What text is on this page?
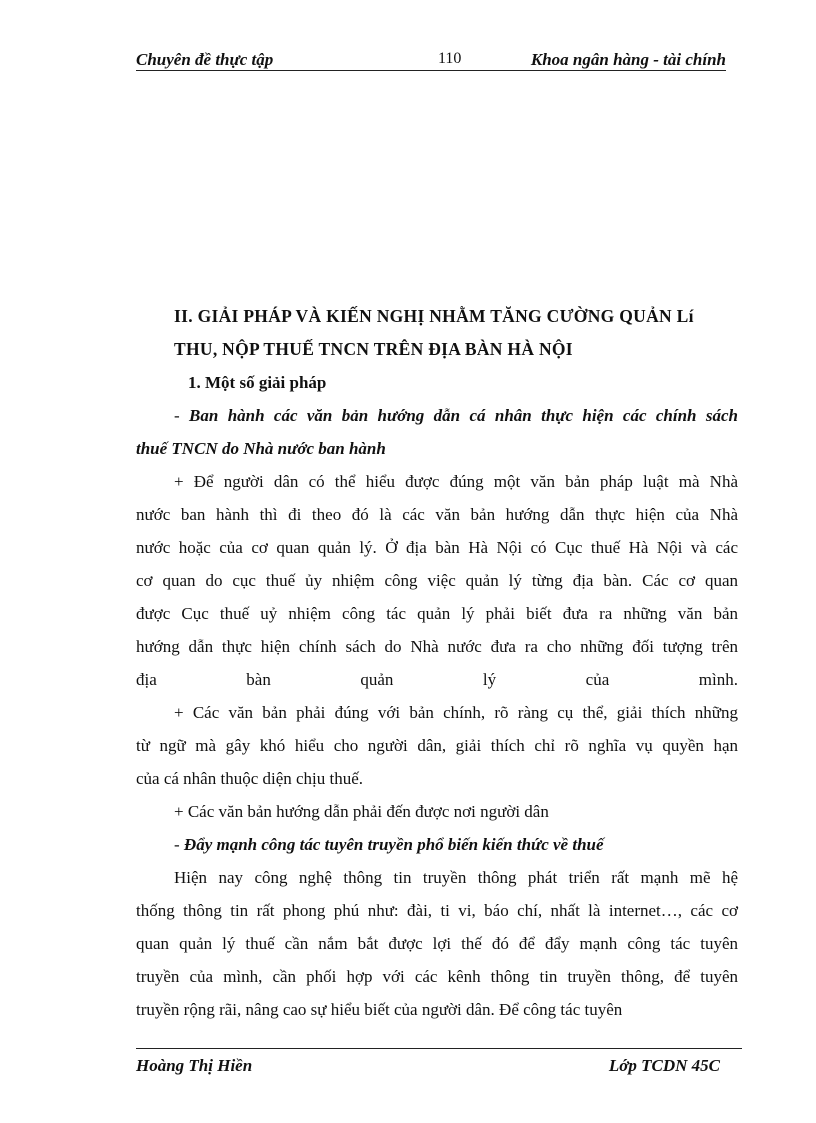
Chuyên đề thực tập	110	Khoa ngân hàng - tài chính
II. GIẢI PHÁP VÀ KIẾN NGHỊ NHẰM TĂNG CƯỜNG QUẢN Lí
THU, NỘP THUẾ TNCN TRÊN ĐỊA BÀN HÀ NỘI
1. Một số giải pháp
- Ban hành các văn bản hướng dẫn cá nhân thực hiện các chính sách
thuế TNCN do Nhà nước ban hành
+ Để người dân có thể hiểu được đúng một văn bản pháp luật mà Nhà
nước ban hành thì đi theo đó là các văn bản hướng dẫn thực hiện của Nhà
nước hoặc của cơ quan quản lý. Ở địa bàn Hà Nội có Cục thuế Hà Nội và các
cơ quan do cục thuế ủy nhiệm công việc quản lý từng địa bàn. Các cơ quan
được Cục thuế uỷ nhiệm công tác quản lý phải biết đưa ra những văn bản
hướng dẫn thực hiện chính sách do Nhà nước đưa ra cho những đối tượng trên
địa bàn quản lý của mình.
+ Các văn bản phải đúng với bản chính, rõ ràng cụ thể, giải thích những
từ ngữ mà gây khó hiểu cho người dân, giải thích chỉ rõ nghĩa vụ quyền hạn
của cá nhân thuộc diện chịu thuế.
+ Các văn bản hướng dẫn phải đến được nơi người dân
- Đẩy mạnh công tác tuyên truyền phổ biến kiến thức về thuế
Hiện nay công nghệ thông tin truyền thông phát triển rất mạnh mẽ hệ
thống thông tin rất phong phú như: đài, ti vi, báo chí, nhất là internet…, các cơ
quan quản lý thuế cần nắm bắt được lợi thế đó để đẩy mạnh công tác tuyên
truyền của mình, cần phối hợp với các kênh thông tin truyền thông, để tuyên
truyền rộng rãi, nâng cao sự hiểu biết của người dân. Để công tác tuyên
Hoàng Thị Hiền	Lớp TCDN 45C
